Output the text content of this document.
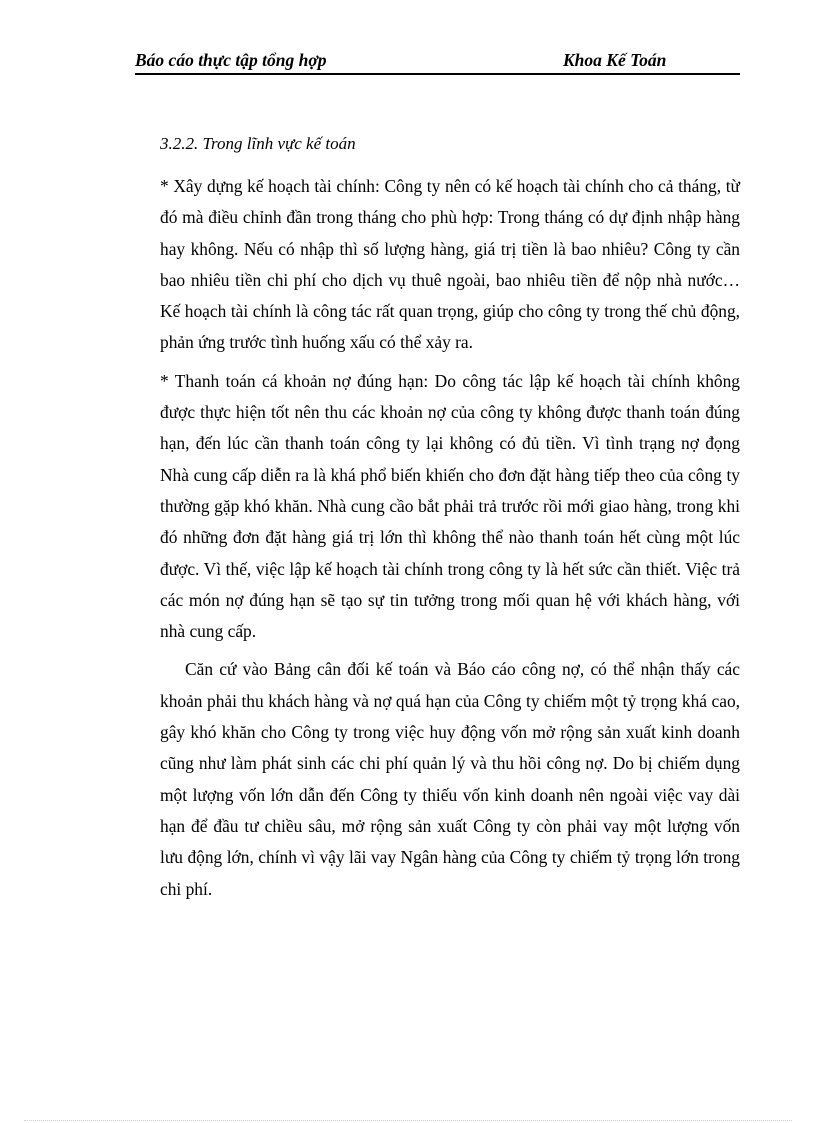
Báo cáo thực tập tổng hợp	Khoa Kế Toán
3.2.2. Trong lĩnh vực kế toán

* Xây dựng kế hoạch tài chính: Công ty nên có kế hoạch tài chính cho cả tháng, từ đó mà điều chỉnh đần trong tháng cho phù hợp: Trong tháng có dự định nhập hàng hay không. Nếu có nhập thì số lượng hàng, giá trị tiền là bao nhiêu? Công ty cần bao nhiêu tiền chi phí cho dịch vụ thuê ngoài, bao nhiêu tiền để nộp nhà nước… Kế hoạch tài chính là công tác rất quan trọng, giúp cho công ty trong thế chủ động, phản ứng trước tình huống xấu có thể xảy ra.

* Thanh toán cá khoản nợ đúng hạn: Do công tác lập kế hoạch tài chính không được thực hiện tốt nên thu các khoản nợ của công ty không được thanh toán đúng hạn, đến lúc cần thanh toán công ty lại không có đủ tiền. Vì tình trạng nợ đọng Nhà cung cấp diễn ra là khá phổ biến khiến cho đơn đặt hàng tiếp theo của công ty thường gặp khó khăn. Nhà cung cầo bắt phải trả trước rồi mới giao hàng, trong khi đó những đơn đặt hàng giá trị lớn thì không thể nào thanh toán hết cùng một lúc được. Vì thế, việc lập kế hoạch tài chính trong công ty là hết sức cần thiết. Việc trả các món nợ đúng hạn sẽ tạo sự tin tưởng trong mối quan hệ với khách hàng, với nhà cung cấp.

Căn cứ vào Bảng cân đối kế toán và Báo cáo công nợ, có thể nhận thấy các khoản phải thu khách hàng và nợ quá hạn của Công ty chiếm một tỷ trọng khá cao, gây khó khăn cho Công ty trong việc huy động vốn mở rộng sản xuất kinh doanh cũng như làm phát sinh các chi phí quản lý và thu hồi công nợ. Do bị chiếm dụng một lượng vốn lớn dẫn đến Công ty thiếu vốn kinh doanh nên ngoài việc vay dài hạn để đầu tư chiều sâu, mở rộng sản xuất Công ty còn phải vay một lượng vốn lưu động lớn, chính vì vậy lãi vay Ngân hàng của Công ty chiếm tỷ trọng lớn trong chi phí.
